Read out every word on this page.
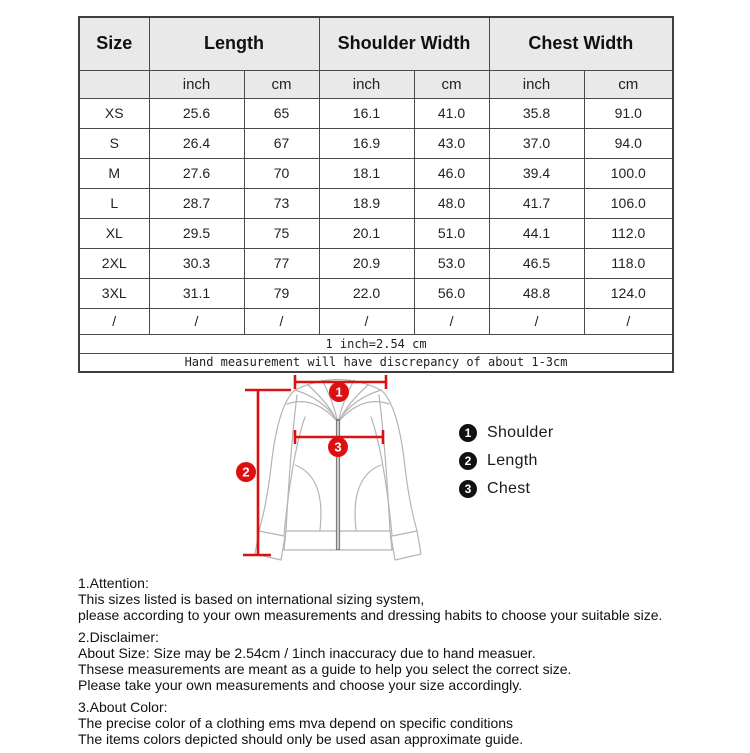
Size	Length		Shoulder Width		Chest Width	
	inch	cm	inch	cm	inch	cm
XS	25.6	65	16.1	41.0	35.8	91.0
S	26.4	67	16.9	43.0	37.0	94.0
M	27.6	70	18.1	46.0	39.4	100.0
L	28.7	73	18.9	48.0	41.7	106.0
XL	29.5	75	20.1	51.0	44.1	112.0
2XL	30.3	77	20.9	53.0	46.5	118.0
3XL	31.1	79	22.0	56.0	48.8	124.0
/	/	/	/	/	/	/
1 inch=2.54 cm						
Hand measurement will have discrepancy of about 1-3cm						
1
2
3
1 Shoulder
2 Length
3 Chest
1.Attention:
This sizes listed is based on international sizing system,
please according to your own measurements and dressing habits to choose your suitable size.
2.Disclaimer:
About Size: Size may be 2.54cm / 1inch inaccuracy due to hand measuer.
Thsese measurements are meant as a guide to help you select the correct size.
Please take your own measurements and choose your size accordingly.
3.About Color:
The precise color of a clothing ems mva depend on specific conditions
The items colors depicted should only be used asan approximate guide.
